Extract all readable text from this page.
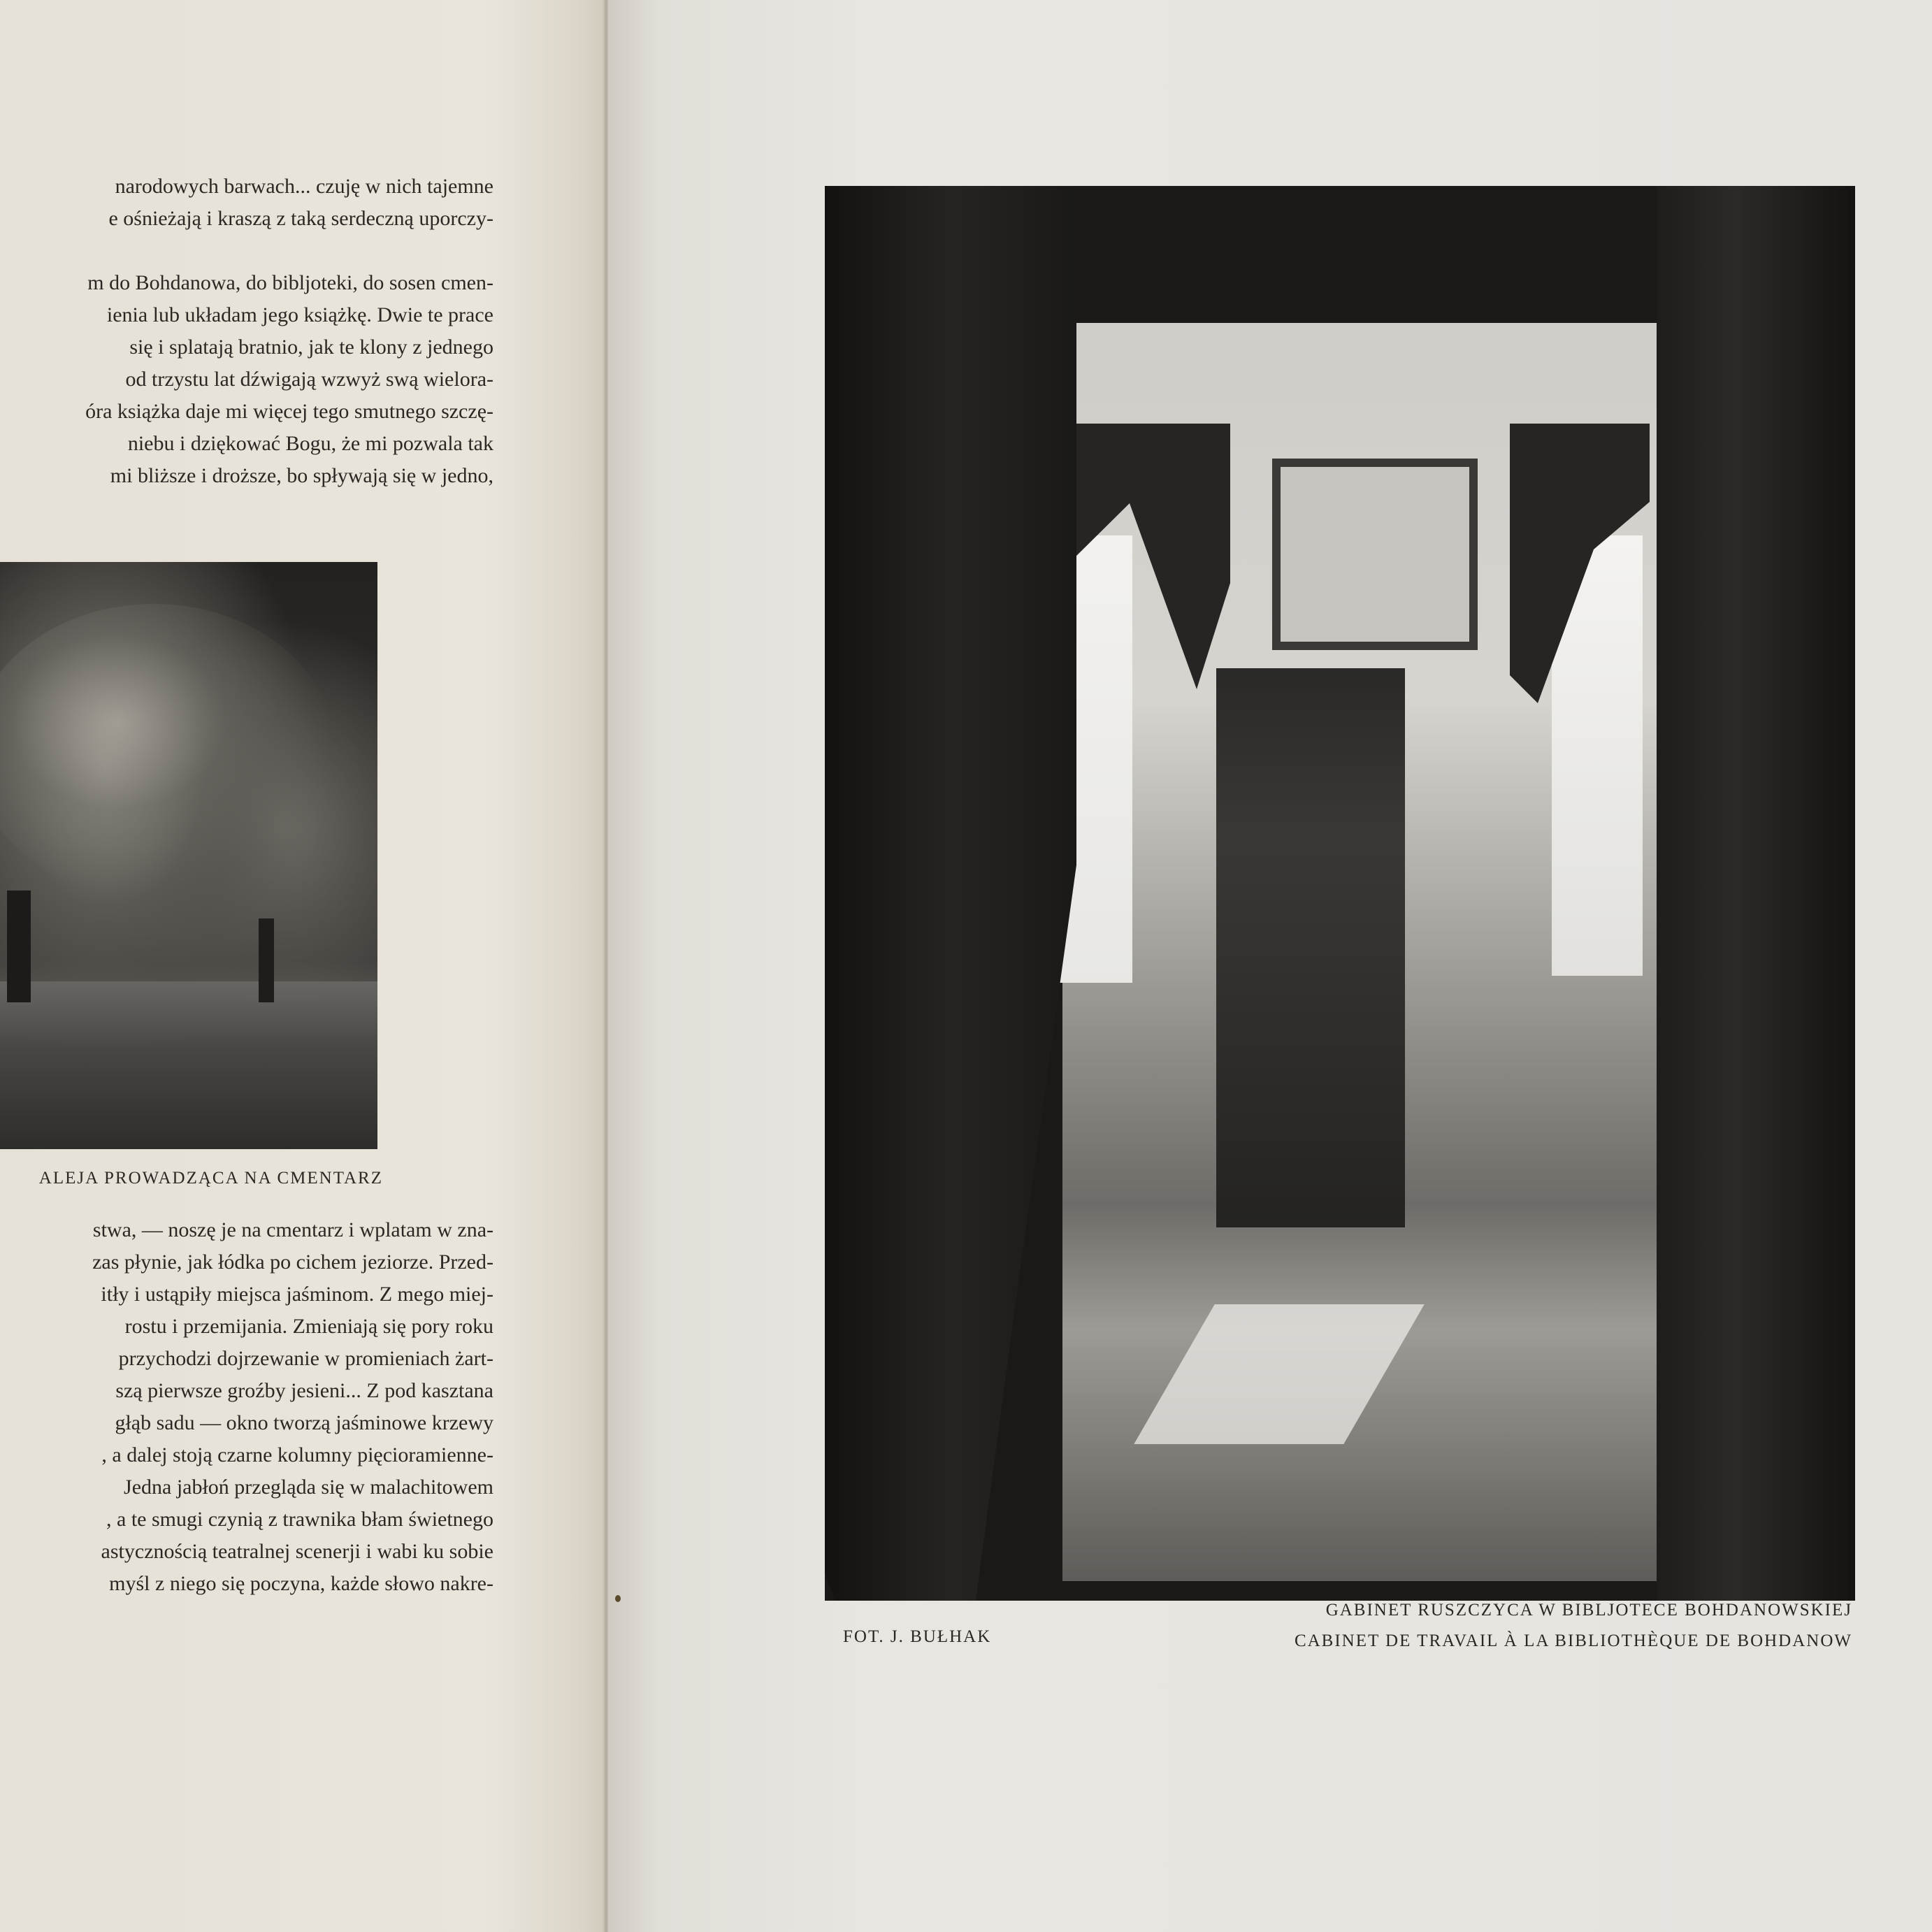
narodowych barwach... czuję w nich tajemne
e ośnieżają i kraszą z taką serdeczną uporczy-
m do Bohdanowa, do bibljoteki, do sosen cmen-
ienia lub układam jego książkę. Dwie te prace
się i splatają bratnio, jak te klony z jednego
od trzystu lat dźwigają wzwyż swą wielora-
óra książka daje mi więcej tego smutnego szczę-
niebu i dziękować Bogu, że mi pozwala tak
mi bliższe i droższe, bo spływają się w jedno,
ALEJA PROWADZĄCA NA CMENTARZ
stwa, — noszę je na cmentarz i wplatam w zna-
zas płynie, jak łódka po cichem jeziorze. Przed-
itły i ustąpiły miejsca jaśminom. Z mego miej-
rostu i przemijania. Zmieniają się pory roku
przychodzi dojrzewanie w promieniach żart-
szą pierwsze groźby jesieni... Z pod kasztana
głąb sadu — okno tworzą jaśminowe krzewy
, a dalej stoją czarne kolumny pięcioramienne-
Jedna jabłoń przegląda się w malachitowem
, a te smugi czynią z trawnika błam świetnego
astycznością teatralnej scenerji i wabi ku sobie
myśl z niego się poczyna, każde słowo nakre-
FOT. J. BUŁHAK
GABINET RUSZCZYCA W BIBLJOTECE BOHDANOWSKIEJ
CABINET DE TRAVAIL À LA BIBLIOTHÈQUE DE BOHDANOW
